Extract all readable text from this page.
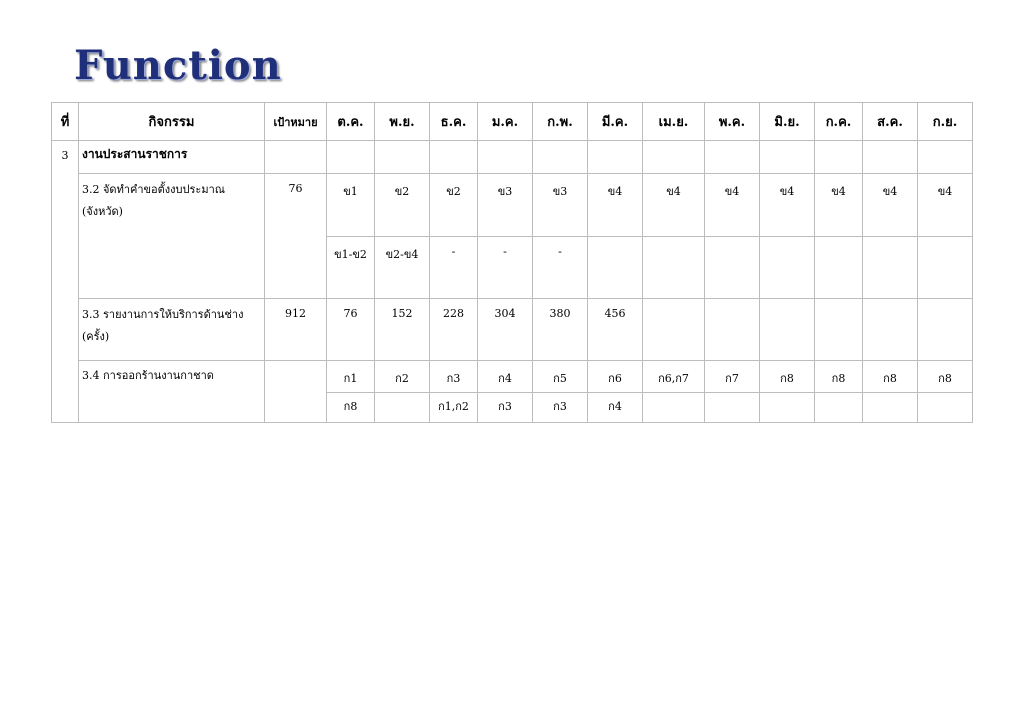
Function
ที่	กิจกรรม	เป้าหมาย	ต.ค.	พ.ย.	ธ.ค.	ม.ค.	ก.พ.	มี.ค.	เม.ย.	พ.ค.	มิ.ย.	ก.ค.	ส.ค.	ก.ย.
3	งานประสานราชการ													
	3.2 จัดทำคำขอตั้งงบประมาณ (จังหวัด)	76	ข1	ข2	ข2	ข3	ข3	ข4	ข4	ข4	ข4	ข4	ข4	ข4
			ข1-ข2	ข2-ข4	-	-	-							
	3.3 รายงานการให้บริการด้านช่าง (ครั้ง)	912	76	152	228	304	380	456						
	3.4 การออกร้านงานกาชาด		ก1	ก2	ก3	ก4	ก5	ก6	ก6,ก7	ก7	ก8	ก8	ก8	ก8
			ก8		ก1,ก2	ก3	ก3	ก4						
